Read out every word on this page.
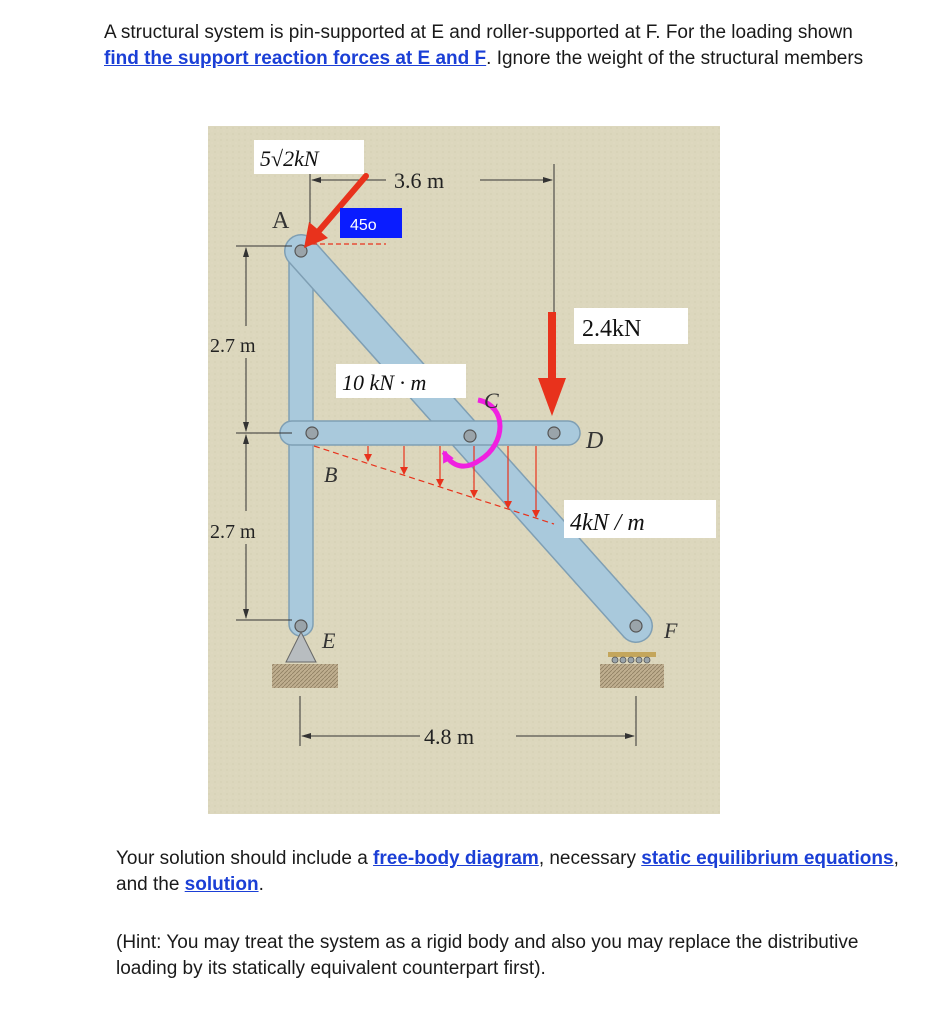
A structural system is pin-supported at E and roller-supported at F. For the loading shown find the support reaction forces at E and F. Ignore the weight of the structural members
5√2kN
3.6 m
45o
A
2.7 m
2.7 m
10 kN · m
C
2.4kN
D
4kN / m
B
E	F
4.8 m
Your solution should include a free-body diagram, necessary static equilibrium equations, and the solution.
(Hint: You may treat the system as a rigid body and also you may replace the distributive loading by its statically equivalent counterpart first).
